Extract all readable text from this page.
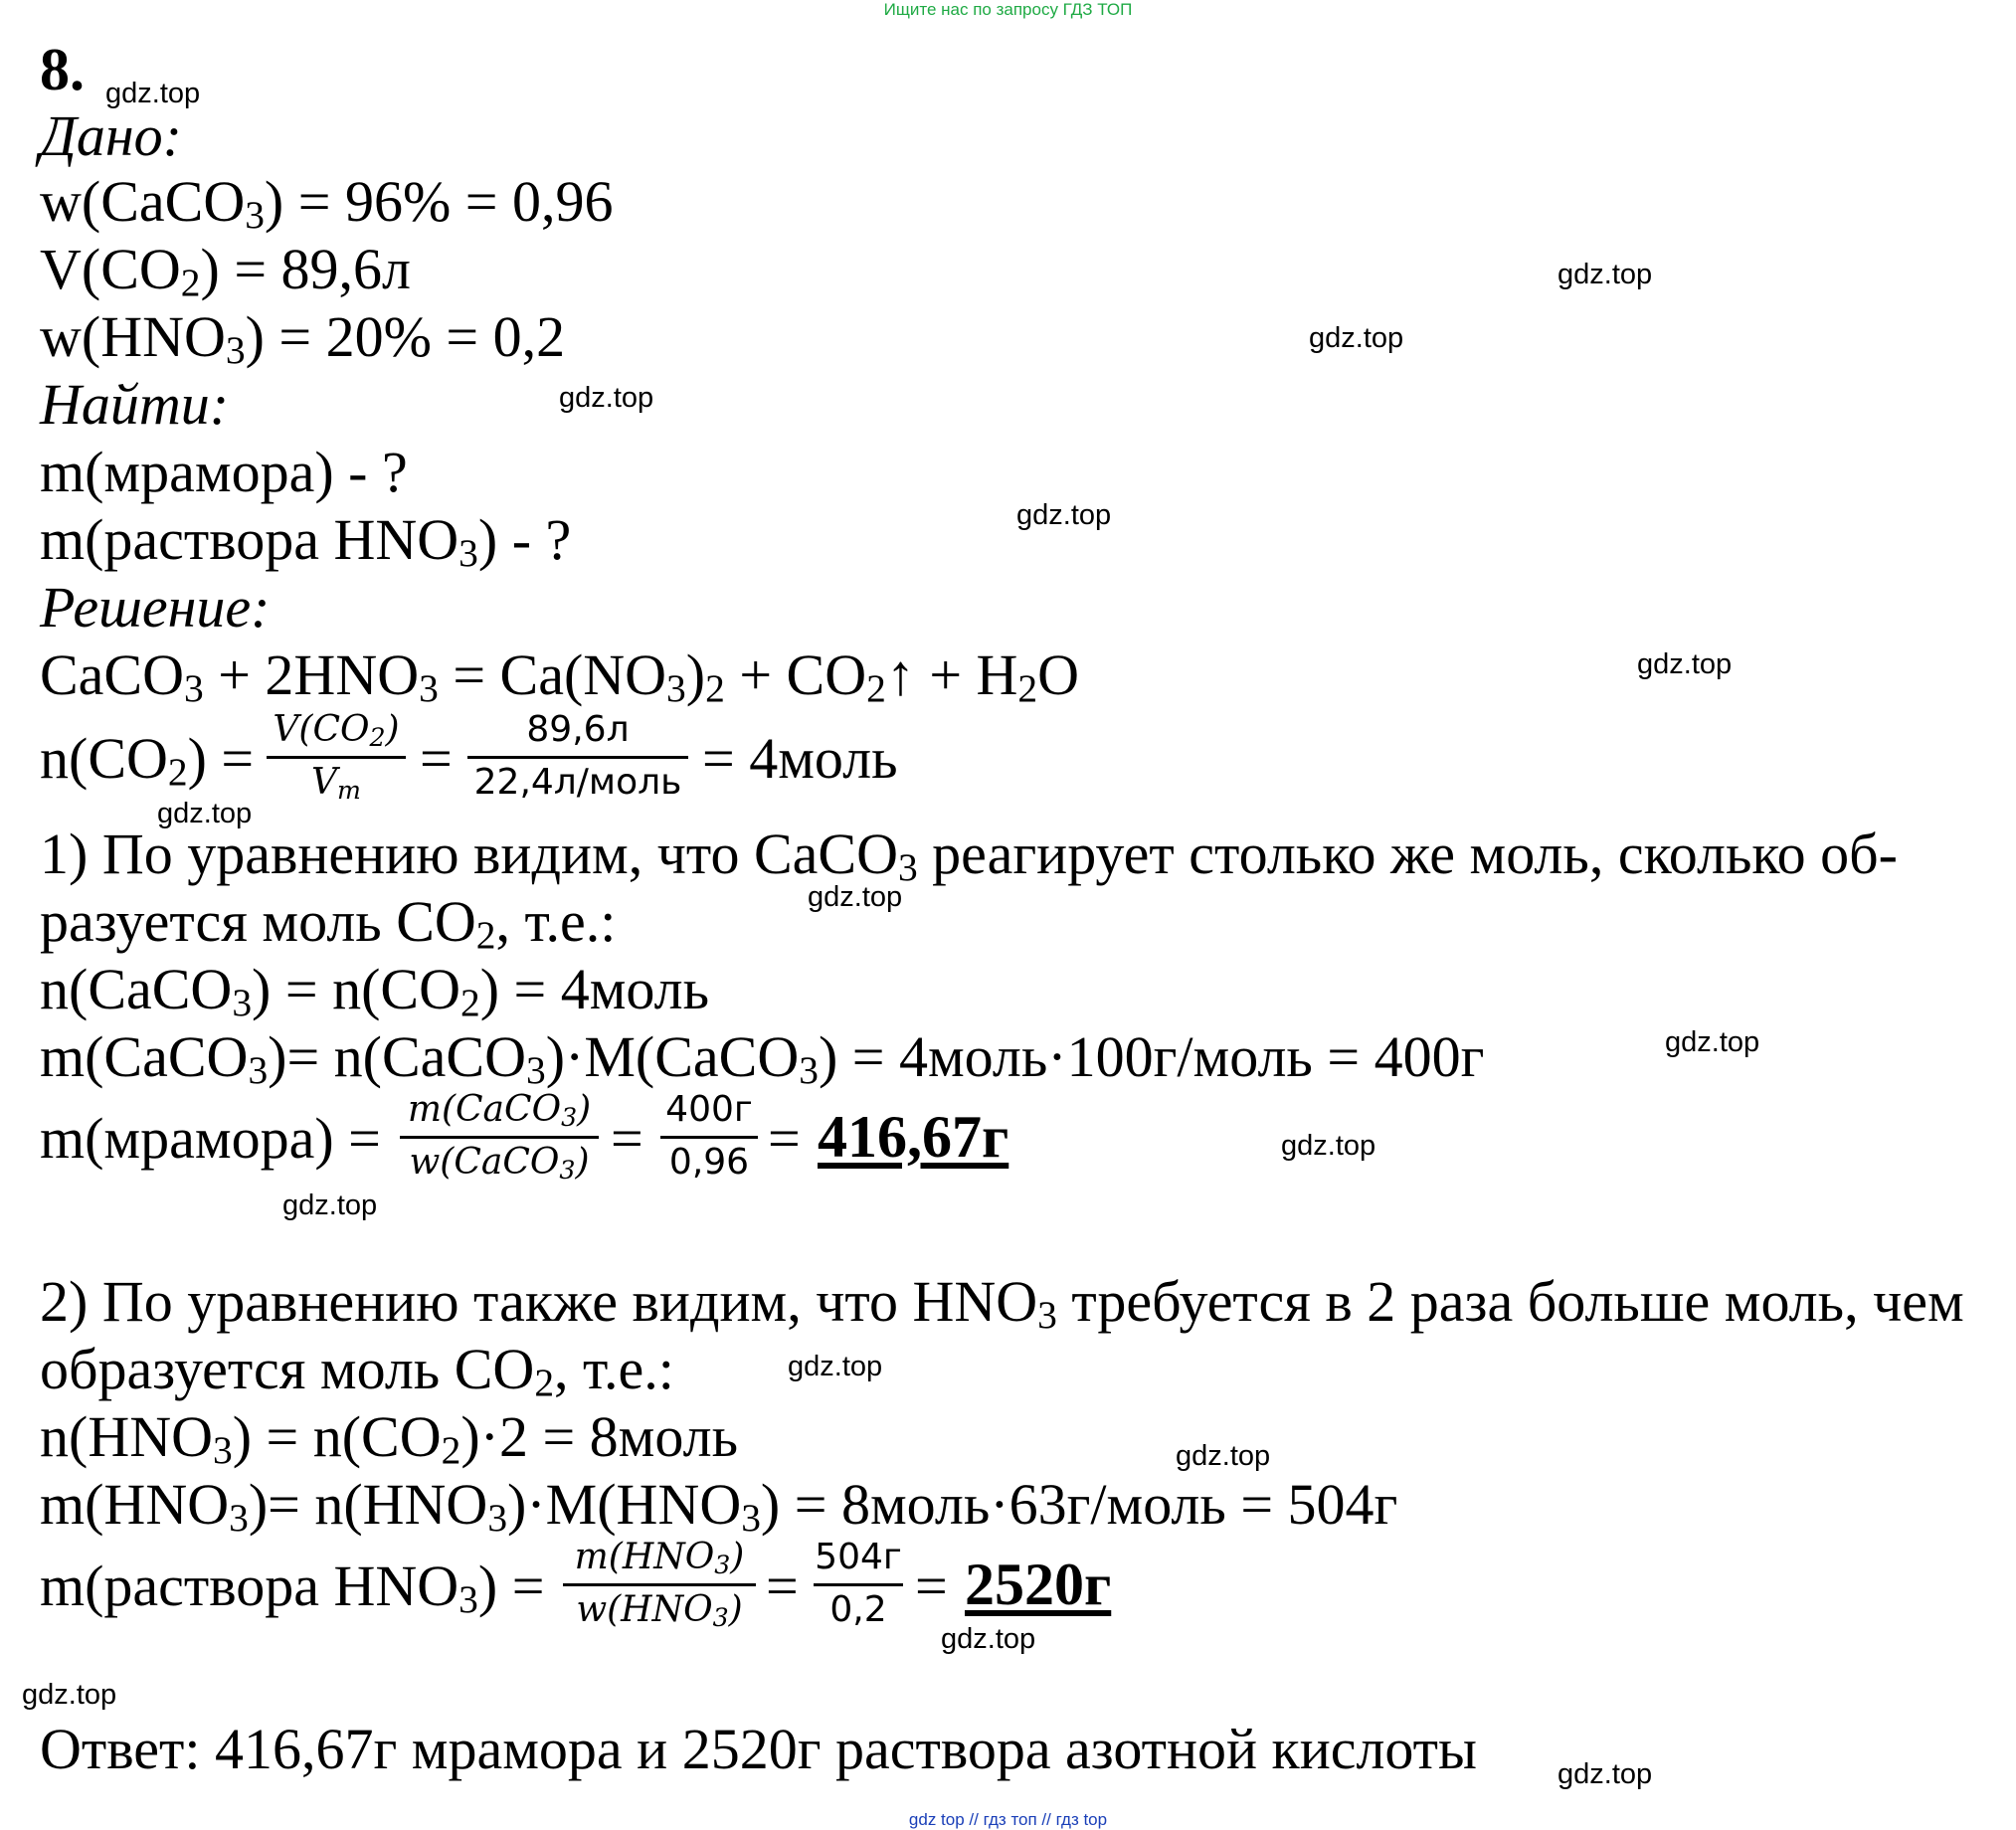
Ищите нас по запросу ГДЗ ТОП
8.
Дано:
w(CaCO$_3$) = 96% = 0,96
$V(CO_2) = 89,6л$
$w(HNO_3) = 20\% = 0,2$
Найти:
m(мрамора) - ?
m(раствора $HNO_3$) - ?
Решение:
CaCO$_3$ + $2HNO_3 = Ca(NO_3)_2$ + $CO_2↑ + H_2O$
$n(CO_2) = V(CO_2)$
$V_m = 89,6л$
22,4л/моль = 4моль
1) По уравнению видим, что CaCO$_3$ реагирует столько же моль, сколько об-
разуется моль $CO_2$, т.е.:
n(CaCO$_3$) = $n(CO_2)$ = 4моль
m(CaCO$_3$)= n(CaCO$_3$)·M(CaCO$_3$) = 4моль·100г/моль = 400г
m(мрамора) = m(CaCO$_3$)
w(CaCO$_3$) = 400г
0,96 = 416,67г
2) По уравнению также видим, что $HNO_3$ требуется в 2 раза больше моль, чем
образуется моль $CO_2$, т.е.:
$n(HNO_3) = n(CO_2)\cdot 2$ = 8моль
$m(HNO_3)= n(HNO_3)\cdot M(HNO_3)$ = 8моль·63г/моль = 504г
m(раствора $HNO_3) = m(HNO_3)$
$w(HNO_3) = 504г$
0,2 = 2520г
Ответ: 416,67г мрамора и 2520г раствора азотной кислоты
gdz.top
gdz.top
gdz.top
gdz.top
gdz.top
gdz.top
gdz.top
gdz.top
gdz.top
gdz.top
gdz.top
gdz.top
gdz.top
gdz.top
gdz.top
gdz.top
gdz top // гдз топ // гдз top
